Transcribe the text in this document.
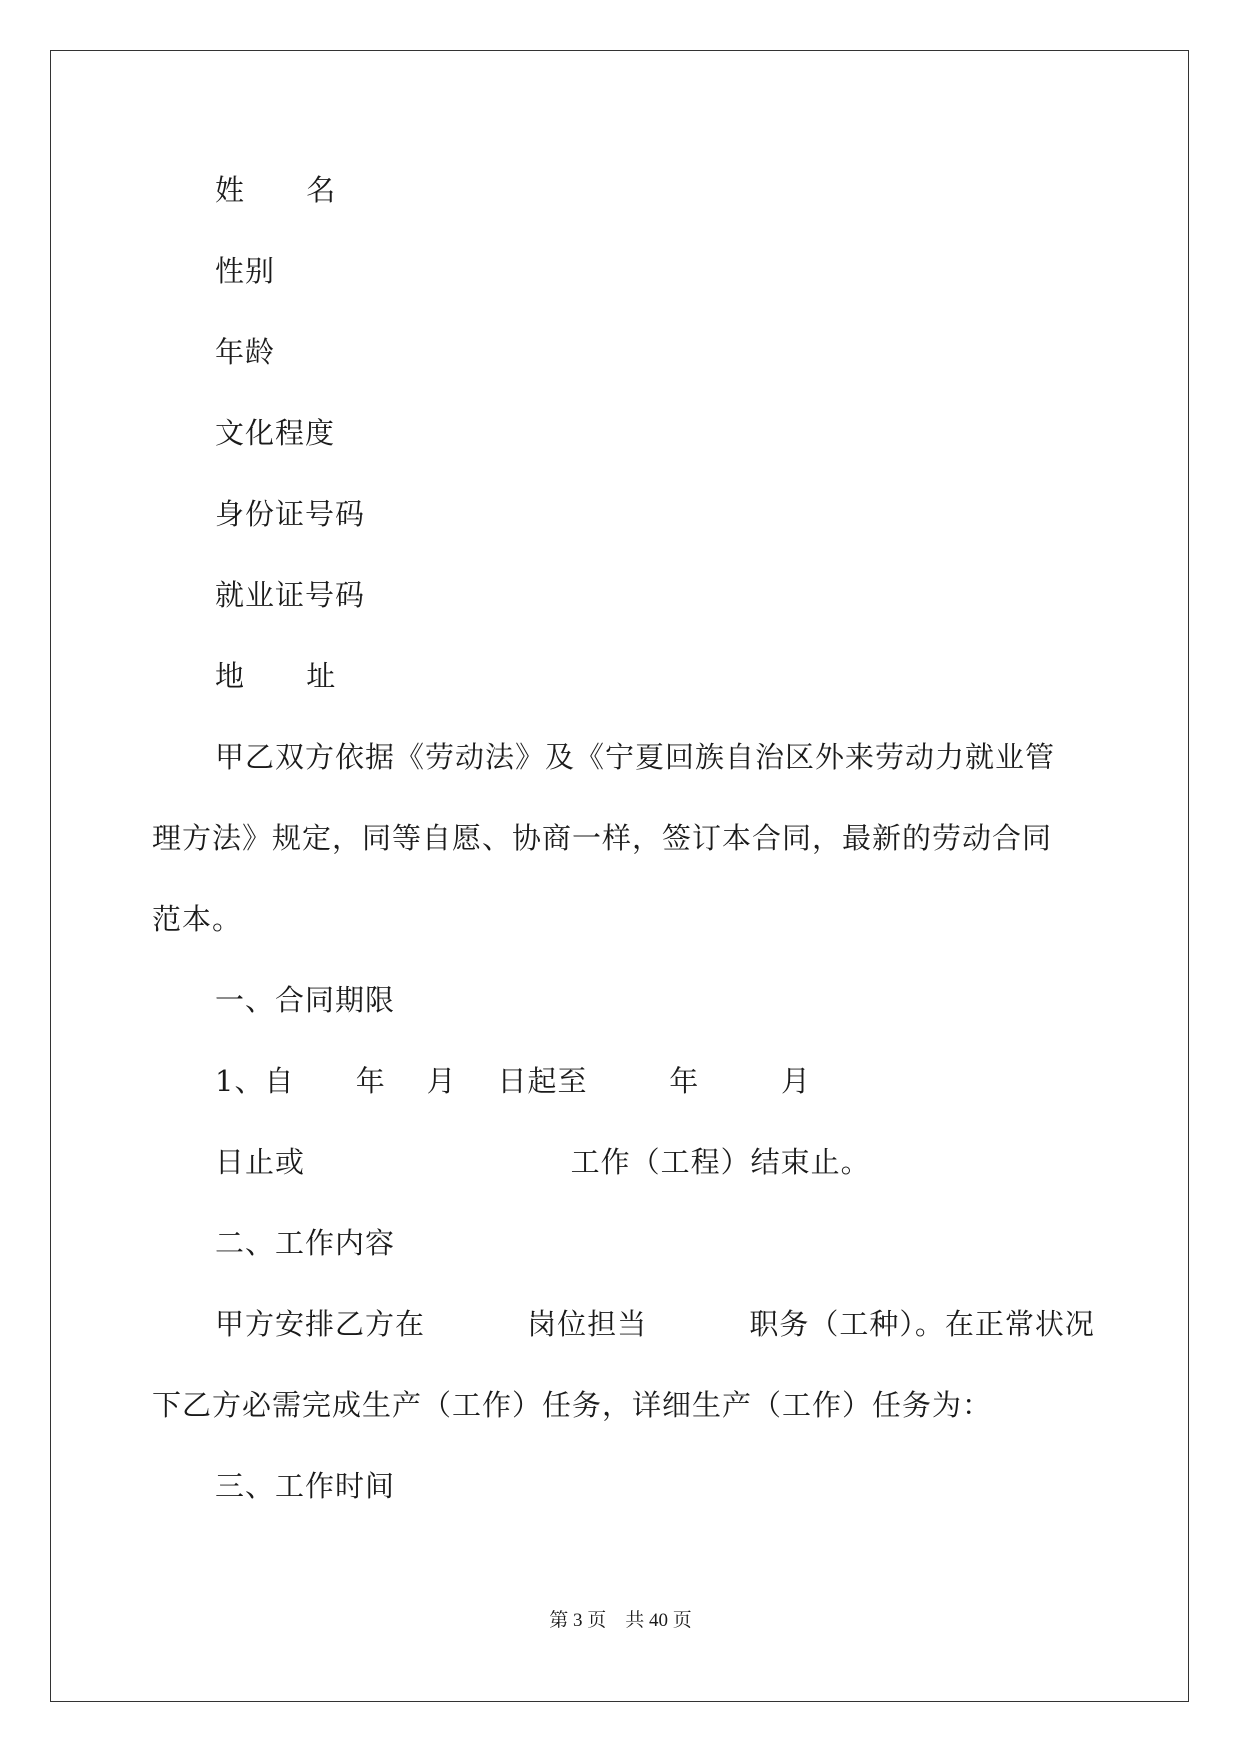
姓      名
性别
年龄
文化程度
身份证号码
就业证号码
地      址
甲乙双方依据《劳动法》及《宁夏回族自治区外来劳动力就业管
理方法》规定，同等自愿、协商一样，签订本合同，最新的劳动合同
范本。
一、合同期限
1、自      年    月    日起至        年        月
日止或                          工作（工程）结束止。
二、工作内容
甲方安排乙方在          岗位担当          职务（工种）。在正常状况
下乙方必需完成生产（工作）任务，详细生产（工作）任务为：
三、工作时间
第 3 页    共 40 页
